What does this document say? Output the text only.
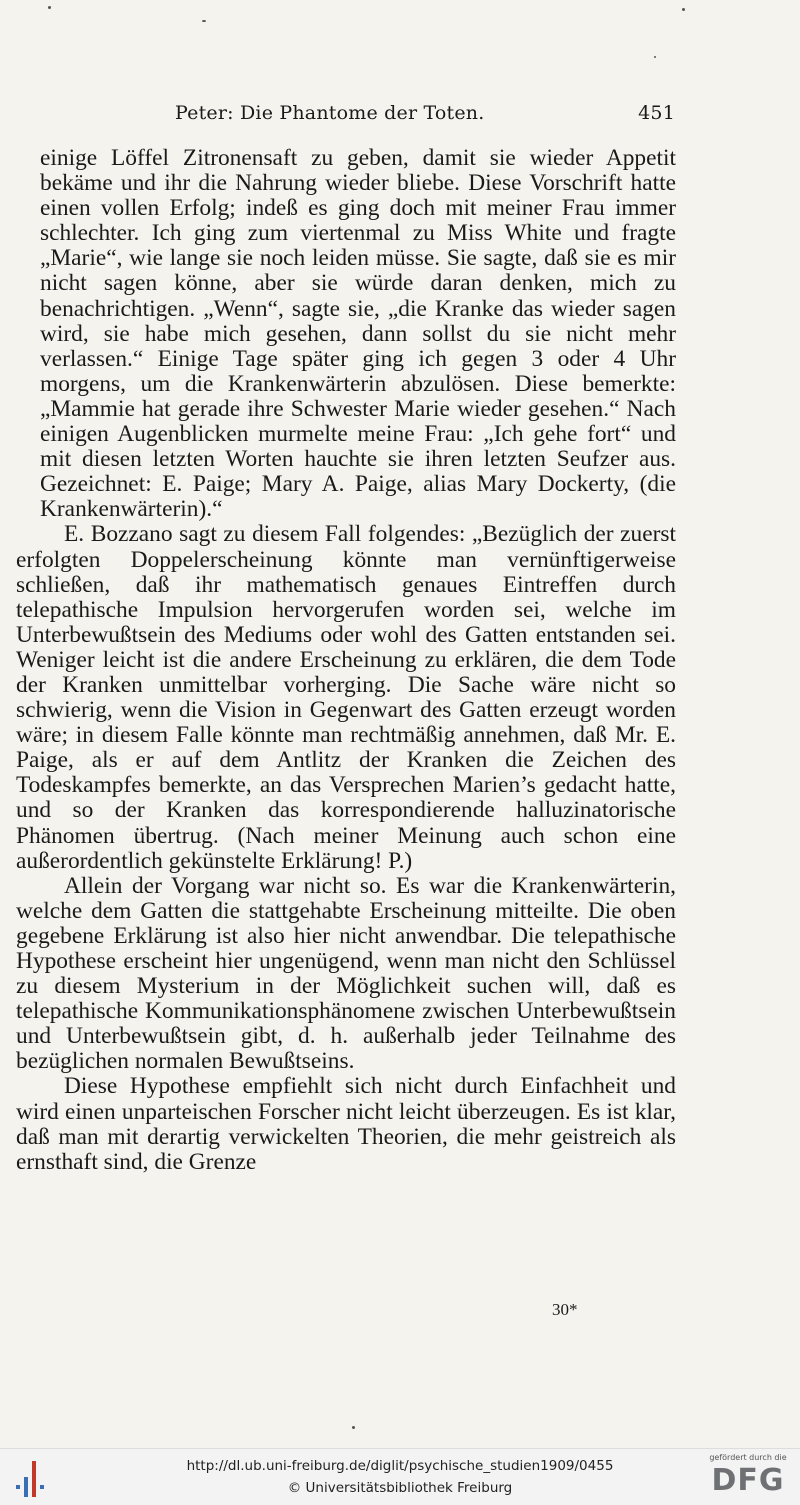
Peter: Die Phantome der Toten.	451

einige Löffel Zitronensaft zu geben, damit sie wieder Appetit bekäme und ihr die Nahrung wieder bliebe. Diese Vorschrift hatte einen vollen Erfolg; indeß es ging doch mit meiner Frau immer schlechter. Ich ging zum viertenmal zu Miss White und fragte „Marie“, wie lange sie noch leiden müsse. Sie sagte, daß sie es mir nicht sagen könne, aber sie würde daran denken, mich zu benachrichtigen. „Wenn“, sagte sie, „die Kranke das wieder sagen wird, sie habe mich gesehen, dann sollst du sie nicht mehr verlassen.“ Einige Tage später ging ich gegen 3 oder 4 Uhr morgens, um die Krankenwärterin abzulösen. Diese bemerkte: „Mammie hat gerade ihre Schwester Marie wieder gesehen.“ Nach einigen Augenblicken murmelte meine Frau: „Ich gehe fort“ und mit diesen letzten Worten hauchte sie ihren letzten Seufzer aus. Gezeichnet: E. Paige; Mary A. Paige, alias Mary Dockerty, (die Krankenwärterin).“

E. Bozzano sagt zu diesem Fall folgendes: „Bezüglich der zuerst erfolgten Doppelerscheinung könnte man vernünftigerweise schließen, daß ihr mathematisch genaues Eintreffen durch telepathische Impulsion hervorgerufen worden sei, welche im Unterbewußtsein des Mediums oder wohl des Gatten entstanden sei. Weniger leicht ist die andere Erscheinung zu erklären, die dem Tode der Kranken unmittelbar vorherging. Die Sache wäre nicht so schwierig, wenn die Vision in Gegenwart des Gatten erzeugt worden wäre; in diesem Falle könnte man rechtmäßig annehmen, daß Mr. E. Paige, als er auf dem Antlitz der Kranken die Zeichen des Todeskampfes bemerkte, an das Versprechen Marien’s gedacht hatte, und so der Kranken das korrespondierende halluzinatorische Phänomen übertrug. (Nach meiner Meinung auch schon eine außerordentlich gekünstelte Erklärung! P.)

Allein der Vorgang war nicht so. Es war die Krankenwärterin, welche dem Gatten die stattgehabte Erscheinung mitteilte. Die oben gegebene Erklärung ist also hier nicht anwendbar. Die telepathische Hypothese erscheint hier ungenügend, wenn man nicht den Schlüssel zu diesem Mysterium in der Möglichkeit suchen will, daß es telepathische Kommunikationsphänomene zwischen Unterbewußtsein und Unterbewußtsein gibt, d. h. außerhalb jeder Teilnahme des bezüglichen normalen Bewußtseins.

Diese Hypothese empfiehlt sich nicht durch Einfachheit und wird einen unparteischen Forscher nicht leicht überzeugen. Es ist klar, daß man mit derartig verwickelten Theorien, die mehr geistreich als ernsthaft sind, die Grenze

30*
http://dl.ub.uni-freiburg.de/diglit/psychische_studien1909/0455
© Universitätsbibliothek Freiburg
gefördert durch die
DFG
